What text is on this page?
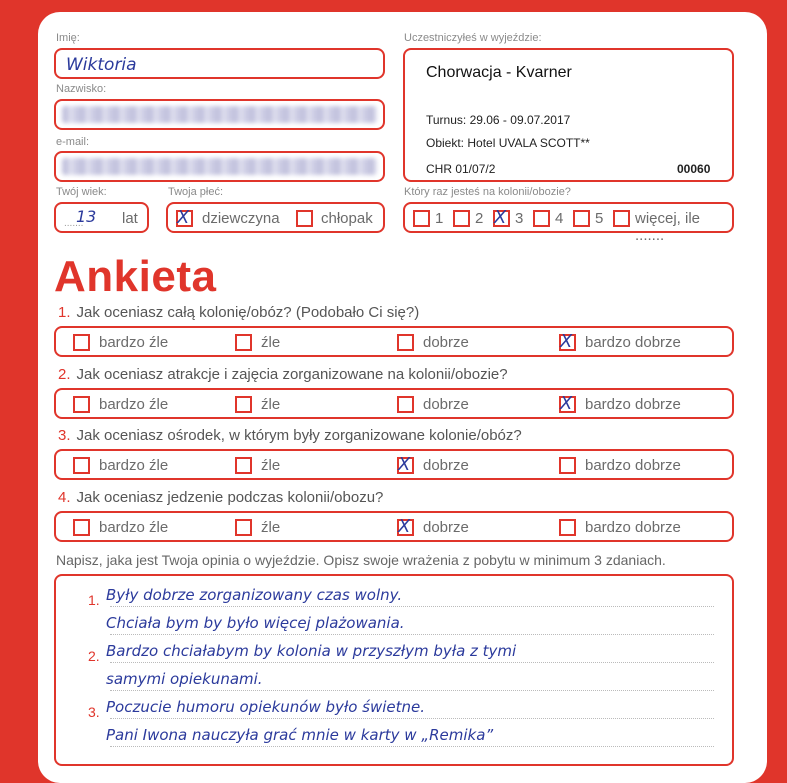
Imię:
Wiktoria
Nazwisko:
e-mail:
Twój wiek:
.......
13 lat
Twoja płeć:
X dziewczyna	chłopak
Uczestniczyłeś w wyjeździe:
Chorwacja - Kvarner
Turnus: 29.06 - 09.07.2017
Obiekt: Hotel UVALA SCOTT**
CHR 01/07/2	00060
Który raz jesteś na kolonii/obozie?
1 2 X 3 4 5 więcej, ile .......
Ankieta
1. Jak oceniasz całą kolonię/obóz? (Podobało Ci się?)
bardzo źle	źle	dobrze	X bardzo dobrze
2. Jak oceniasz atrakcje i zajęcia zorganizowane na kolonii/obozie?
bardzo źle	źle	dobrze	X bardzo dobrze
3. Jak oceniasz ośrodek, w którym były zorganizowane kolonie/obóz?
bardzo źle	źle	X dobrze	bardzo dobrze
4. Jak oceniasz jedzenie podczas kolonii/obozu?
bardzo źle	źle	X dobrze	bardzo dobrze
Napisz, jaka jest Twoja opinia o wyjeździe. Opisz swoje wrażenia z pobytu w minimum 3 zdaniach.
1.
2.
3.
Były dobrze zorganizowany czas wolny.
Chciała bym by było więcej plażowania.
Bardzo chciałabym by kolonia w przyszłym była z tymi
samymi opiekunami.
Poczucie humoru opiekunów było świetne.
Pani Iwona nauczyła grać mnie w karty w „Remika”
